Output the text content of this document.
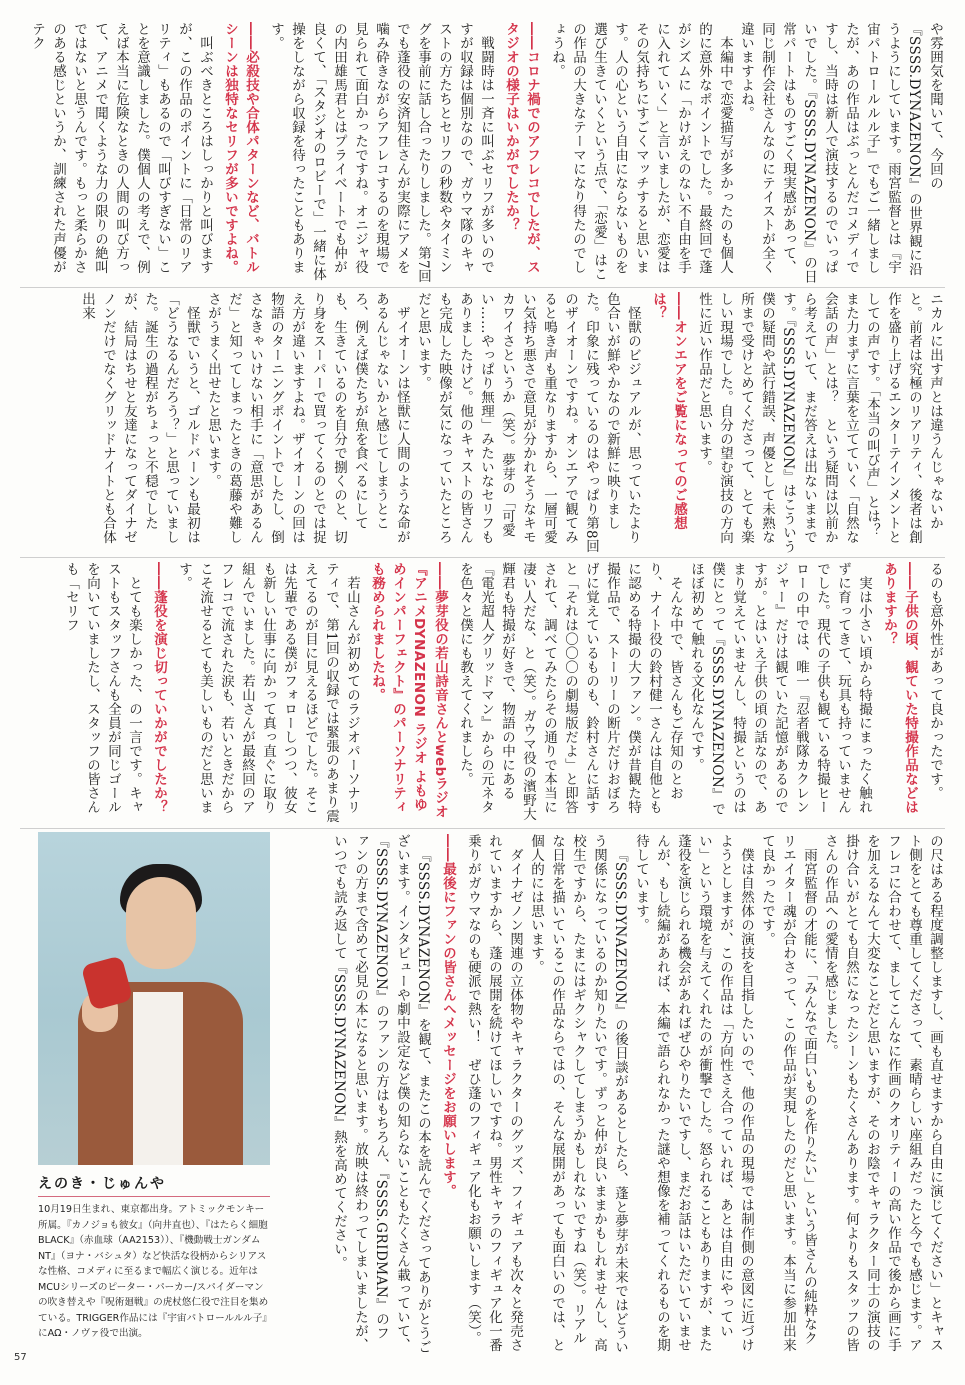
や雰囲気を聞いて、今回の『SSSS.DYNAZENON』の世界観に沿うようにしています。雨宮監督とは『宇宙パトロールルル子』でもご一緒しましたが、あの作品はぶっとんだコメディですし、当時は新人で演技するのでいっぱいでした。『SSSS.DYNAZENON』の日常パートはものすごく現実感があって、同じ制作会社さんなのにテイストが全く違いますよね。

本編中で恋愛描写が多かったのも個人的に意外なポイントでした。最終回で蓬がシズムに「かけがえのない不自由を手に入れていく」と言いましたが、恋愛はその気持ちにすごくマッチすると思います。人の心という自由にならないものを選び生きていくという点で、「恋愛」はこの作品の大きなテーマになり得たのでしょうね。

――コロナ禍でのアフレコでしたが、スタジオの様子はいかがでしたか？

戦闘時は一斉に叫ぶセリフが多いのですが収録は個別なので、ガウマ隊のキャストの方たちとセリフの秒数やタイミングを事前に話し合ったりしました。第7回でも蓬役の安済知佳さんが実際にアメを噛み砕きながらアフレコするのを現場で見られて面白かったですね。オニジャ役の内田雄馬君とはプライベートでも仲が良くて、「スタジオのロビーで」一緒に体操をしながら収録を待ったこともあります。

――必殺技や合体パターンなど、バトルシーンは独特なセリフが多いですよね。

叫ぶべきところはしっかりと叫びますが、この作品のポイントに「日常のリアリティ」もあるので「叫びすぎない」ことを意識しました。僕個人の考えで、例えば本当に危険なときの人間の叫び方って、アニメで聞くような力の限りの絶叫ではないと思うんです。もっと柔らかさのある感じというか、訓練された声優がテク

ニカルに出す声とは違うんじゃないかと。前者は究極のリアリティ、後者は創作を盛り上げるエンターテインメントとしての声です。「本当の叫び声」とは？　また力まずに言葉を立てていく「自然な会話の声」とは？　という疑問は以前から考えていて、まだ答えは出ないままです。『SSSS.DYNAZENON』はこういう僕の疑問や試行錯誤、声優として未熟な所まで受けとめてくださって、とても楽しい現場でした。自分の望む演技の方向性に近い作品だと思います。

――オンエアをご覧になってのご感想は？

怪獣のビジュアルが、思っていたより色合いが鮮やかなので新鮮に映りました。印象に残っているのはやっぱり第8回のザイオーンですね。オンエアで観てみると鳴き声も重なりますから、一層可愛い気持ち悪さで意見が分かれそうなキモカワイさというか（笑）。夢芽の「可愛い……やっぱり無理」みたいなセリフもありましたけど。他のキャストの皆さんも完成した映像が気になっていたところだと思います。

ザイオーンは怪獣に人間のような命があるんじゃないかと感じてしまうところ、例えば僕たちが魚を食べるにしても、生きているのを自分で捌くのと、切り身をスーパーで買ってくるのとでは捉え方が違いますよね。ザイオーンの回は物語のターニングポイントでしたし、倒さなきゃいけない相手に「意思があるんだ」と知ってしまったときの葛藤や難しさがうまく出せたと思います。

怪獣でいうと、ゴルドバーンも最初は「どうなるんだろう？」と思っていました。誕生の過程がちょっと不穏でしたが、結局はちせと友達になってダイナゼノンだけでなくグリッドナイトとも合体出来

るのも意外性があって良かったです。

――子供の頃、観ていた特撮作品などはありますか？

実は小さい頃から特撮にまったく触れずに育ってきて、玩具も持っていませんでした。現代の子供も観ている特撮ヒーローの中では、唯一『忍者戦隊カクレンジャー』だけは観ていた記憶があるのですが。とはいえ子供の頃の話なので、あまり覚えていませんし、特撮というのは僕にとって『SSSS.DYNAZENON』でほぼ初めて触れる文化なんです。

そんな中で、皆さんもご存知のとおり、ナイト役の鈴村健一さんは自他ともに認める特撮の大ファン。僕が昔観た特撮作品で、ストーリーの断片だけおぼろげに覚えているものも、鈴村さんに話すと「それは〇〇〇の劇場版だよ」と即答されて、調べてみたらその通りで本当に凄い人だな、と（笑）。ガウマ役の濱野大輝君も特撮が好きで、物語の中にある『電光超人グリッドマン』からの元ネタを色々と僕にも教えてくれました。

――夢芽役の若山詩音さんとwebラジオ『アニメDYNAZENON ラジオ よもゆめインパーフェクト』のパーソナリティも務められましたね。

若山さんが初めてのラジオパーソナリティで、第1回の収録では緊張のあまり震えてるのが目に見えるほどでした。そこは先輩である僕がフォローしつつ、彼女も新しい仕事に向かって真っ直ぐに取り組んでいました。若山さんが最終回のアフレコで流された涙も、若いときだからこそ流せるとても美しいものだと思います。

――蓬役を演じ切っていかがでしたか？

とても楽しかった、の一言です。キャストもスタッフさんも全員が同じゴールを向いていましたし、スタッフの皆さんも「セリフ

の尺はある程度調整しますし、画も直せますから自由に演じてください」とキャスト側をとても尊重してくださって、素晴らしい座組みだったと今でも感じます。アフレコに合わせて、ましてこんなに作画のクオリティーの高い作品で後から画に手を加えるなんて大変なことだと思いますが、そのお陰でキャラクター同士の演技の掛け合いがとても自然になったシーンもたくさんあります。何よりもスタッフの皆さんの作品への愛情を感じました。

雨宮監督の才能に、「みんなで面白いものを作りたい」という皆さんの純粋なクリエイター魂が合わさって、この作品が実現したのだと思います。本当に参加出来て良かったです。

僕は自然体の演技を目指したいので、他の作品の現場では制作側の意図に近づけようとしますが、この作品は「方向性さえ合っていれば、あとは自由にやっていい」という環境を与えてくれたのが衝撃でした。怒られることもありますが、また蓬役を演じられる機会があればぜひやりたいですし、まだお話はいただいていませんが、もし続編があれば、本編で語られなかった謎や想像を補ってくれるものを期待しています。

『SSSS.DYNAZENON』の後日談があるとしたら、蓬と夢芽が未来ではどういう関係になっているのか知りたいです。ずっと仲が良いままかもしれませんし、高校生ですから、たまにはギクシャクしてしまうかもしれないですね（笑）。リアルな日常を描いているこの作品ならではの、そんな展開があっても面白いのでは、と個人的には思います。

ダイナゼノン関連の立体物やキャラクターのグッズ、フィギュアも次々と発売されていますから、蓬の展開を続けてほしいですね。男性キャラのフィギュア化一番乗りがガウマなのも硬派で熱い！　ぜひ蓬のフィギュア化もお願いします（笑）。

――最後にファンの皆さんへメッセージをお願いします。

『SSSS.DYNAZENON』を観て、またこの本を読んでくださってありがとうございます。インタビューや劇中設定など僕の知らないこともたくさん載っていて、『SSSS.DYNAZENON』のファンの方はもちろん、『SSSS.GRIDMAN』のファンの方まで含めて必見の本になると思います。放映は終わってしまいましたが、いつでも読み返して『SSSS.DYNAZENON』熱を高めてください。

えのき・じゅんや
10月19日生まれ、東京都出身。アトミックモンキー所属。『カノジョも彼女』（向井直也）、『はたらく細胞BLACK』（赤血球（AA2153））、『機動戦士ガンダムNT』（ヨナ・バシュタ）など快活な役柄からシリアスな性格、コメディに至るまで幅広く演じる。近年はMCUシリーズのピーター・パーカー/スパイダーマンの吹き替えや『呪術廻戦』の虎杖悠仁役で注目を集めている。TRIGGER作品には『宇宙パトロールルル子』にAΩ・ノヴァ役で出演。
57
